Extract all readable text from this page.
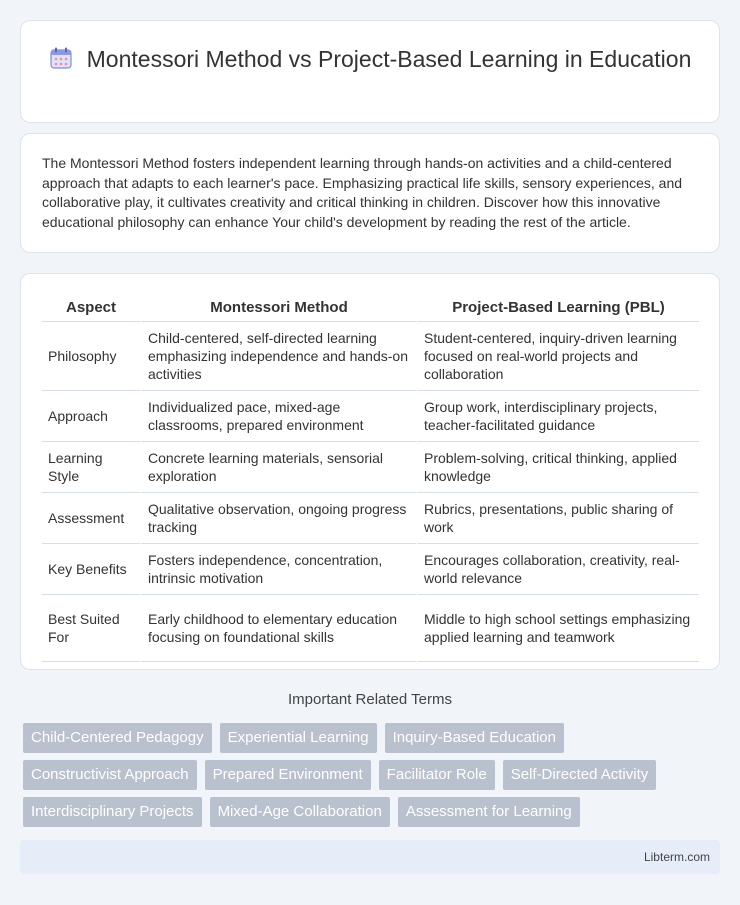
Montessori Method vs Project-Based Learning in Education

The Montessori Method fosters independent learning through hands-on activities and a child-centered approach that adapts to each learner's pace. Emphasizing practical life skills, sensory experiences, and collaborative play, it cultivates creativity and critical thinking in children. Discover how this innovative educational philosophy can enhance Your child's development by reading the rest of the article.

Aspect	Montessori Method	Project-Based Learning (PBL)
Philosophy	Child-centered, self-directed learning emphasizing independence and hands-on activities	Student-centered, inquiry-driven learning focused on real-world projects and collaboration
Approach	Individualized pace, mixed-age classrooms, prepared environment	Group work, interdisciplinary projects, teacher-facilitated guidance
Learning Style	Concrete learning materials, sensorial exploration	Problem-solving, critical thinking, applied knowledge
Assessment	Qualitative observation, ongoing progress tracking	Rubrics, presentations, public sharing of work
Key Benefits	Fosters independence, concentration, intrinsic motivation	Encourages collaboration, creativity, real-world relevance
Best Suited For	Early childhood to elementary education focusing on foundational skills	Middle to high school settings emphasizing applied learning and teamwork
Important Related Terms
Child-Centered Pedagogy	Experiential Learning	Inquiry-Based Education
Constructivist Approach	Prepared Environment	Facilitator Role	Self-Directed Activity
Interdisciplinary Projects	Mixed-Age Collaboration	Assessment for Learning
Libterm.com
